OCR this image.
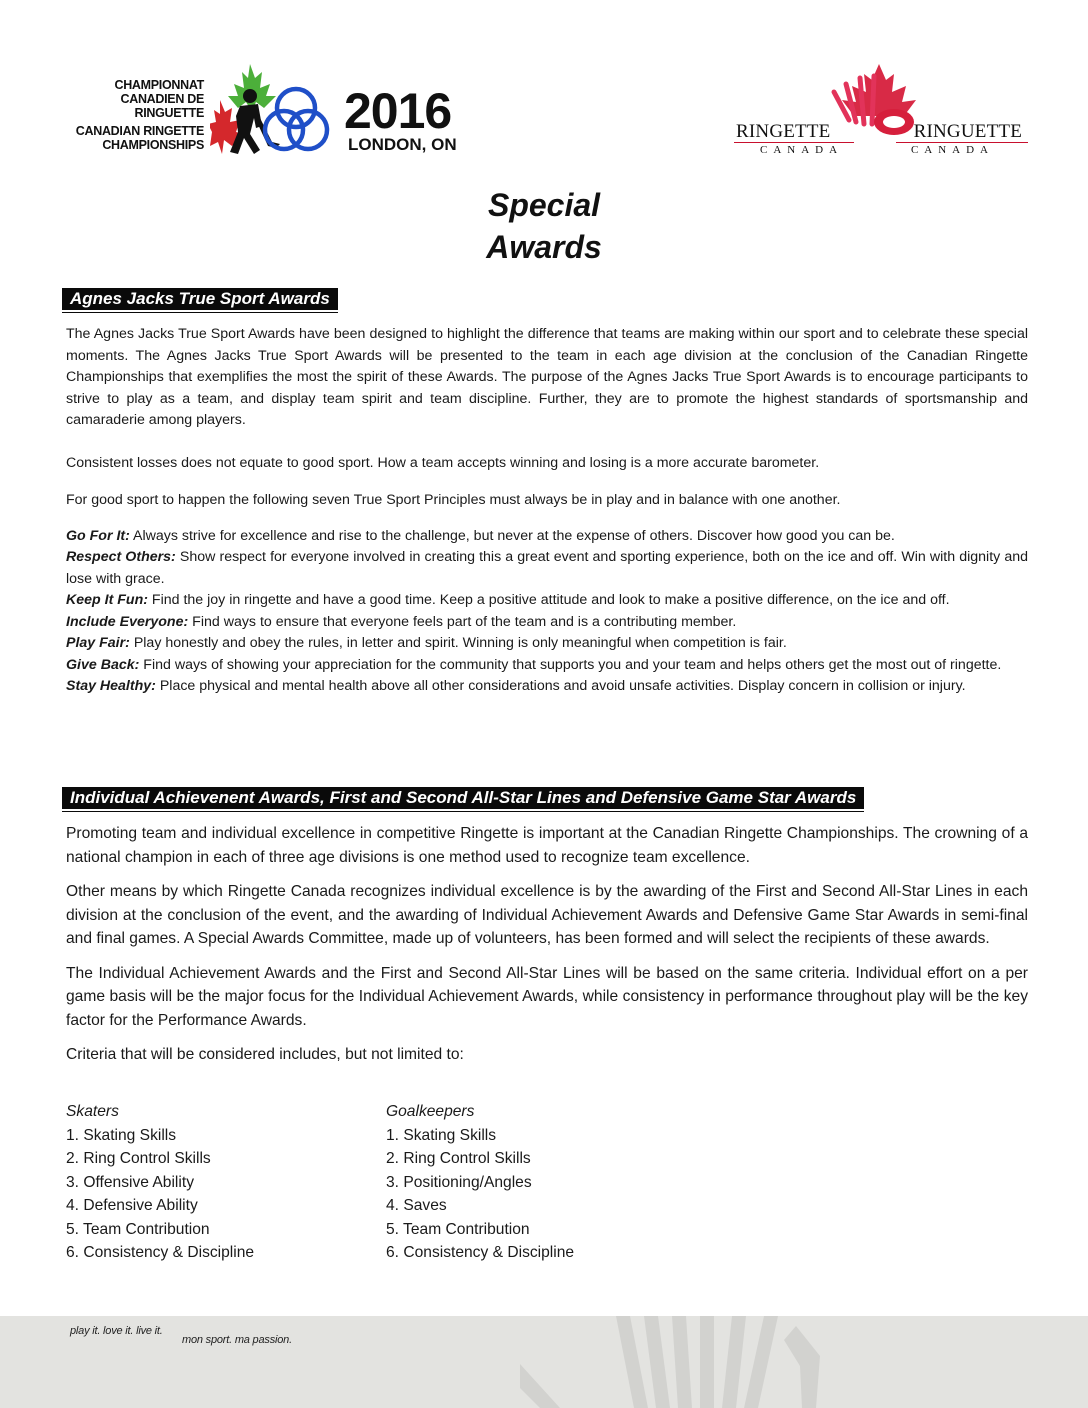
CHAMPIONNAT
CANADIEN DE RINGUETTE
CANADIAN RINGETTE
CHAMPIONSHIPS
2016
LONDON, ON
RINGETTE	RINGUETTE
CANADA	CANADA
Special
Awards
Agnes Jacks True Sport Awards

The Agnes Jacks True Sport Awards have been designed to highlight the difference that teams are making within our sport and to celebrate these special moments. The Agnes Jacks True Sport Awards will be presented to the team in each age division at the conclusion of the Canadian Ringette Championships that exemplifies the most the spirit of these Awards. The purpose of the Agnes Jacks True Sport Awards is to encourage participants to strive to play as a team, and display team spirit and team discipline. Further, they are to promote the highest standards of sportsmanship and camaraderie among players.

Consistent losses does not equate to good sport. How a team accepts winning and losing is a more accurate barometer.

For good sport to happen the following seven True Sport Principles must always be in play and in balance with one another.

Go For It: Always strive for excellence and rise to the challenge, but never at the expense of others. Discover how good you can be.

Respect Others: Show respect for everyone involved in creating this a great event and sporting experience, both on the ice and off. Win with dignity and lose with grace.

Keep It Fun: Find the joy in ringette and have a good time. Keep a positive attitude and look to make a positive difference, on the ice and off.

Include Everyone: Find ways to ensure that everyone feels part of the team and is a contributing member.

Play Fair: Play honestly and obey the rules, in letter and spirit. Winning is only meaningful when competition is fair.

Give Back: Find ways of showing your appreciation for the community that supports you and your team and helps others get the most out of ringette.

Stay Healthy: Place physical and mental health above all other considerations and avoid unsafe activities. Display concern in collision or injury.

Individual Achievenent Awards, First and Second All-Star Lines and Defensive Game Star Awards

Promoting team and individual excellence in competitive Ringette is important at the Canadian Ringette Championships. The crowning of a national champion in each of three age divisions is one method used to recognize team excellence.

Other means by which Ringette Canada recognizes individual excellence is by the awarding of the First and Second All-Star Lines in each division at the conclusion of the event, and the awarding of Individual Achievement Awards and Defensive Game Star Awards in semi-final and final games. A Special Awards Committee, made up of volunteers, has been formed and will select the recipients of these awards.

The Individual Achievement Awards and the First and Second All-Star Lines will be based on the same criteria. Individual effort on a per game basis will be the major focus for the Individual Achievement Awards, while consistency in performance throughout play will be the key factor for the Performance Awards.

Criteria that will be considered includes, but not limited to:

Skaters
1. Skating Skills
2. Ring Control Skills
3. Offensive Ability
4. Defensive Ability
5. Team Contribution
6. Consistency & Discipline
Goalkeepers
1. Skating Skills
2. Ring Control Skills
3. Positioning/Angles
4. Saves
5. Team Contribution
6. Consistency & Discipline
play it. love it. live it.
mon sport. ma passion.
